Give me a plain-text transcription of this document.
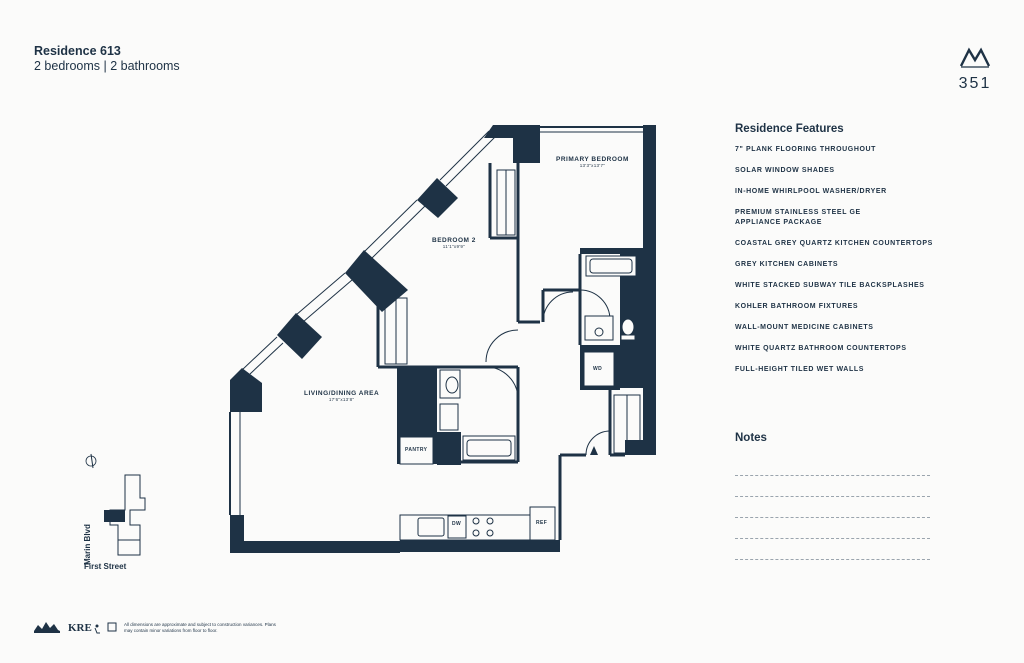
Residence 613
2 bedrooms | 2 bathrooms
351
PRIMARY BEDROOM
13'3"x13'7"
BEDROOM 2
11'1"x9'9"
LIVING/DINING AREA
17'6"x13'8"
PANTRY
WD
DW	REF
First Street
Marin Blvd
Residence Features
7" PLANK FLOORING THROUGHOUT
SOLAR WINDOW SHADES
IN-HOME WHIRLPOOL WASHER/DRYER
PREMIUM STAINLESS STEEL GE APPLIANCE PACKAGE
COASTAL GREY QUARTZ KITCHEN COUNTERTOPS
GREY KITCHEN CABINETS
WHITE STACKED SUBWAY TILE BACKSPLASHES
KOHLER BATHROOM FIXTURES
WALL-MOUNT MEDICINE CABINETS
WHITE QUARTZ BATHROOM COUNTERTOPS
FULL-HEIGHT TILED WET WALLS
Notes
KRE	All dimensions are approximate and subject to construction variances. Plans may contain minor variations from floor to floor.
